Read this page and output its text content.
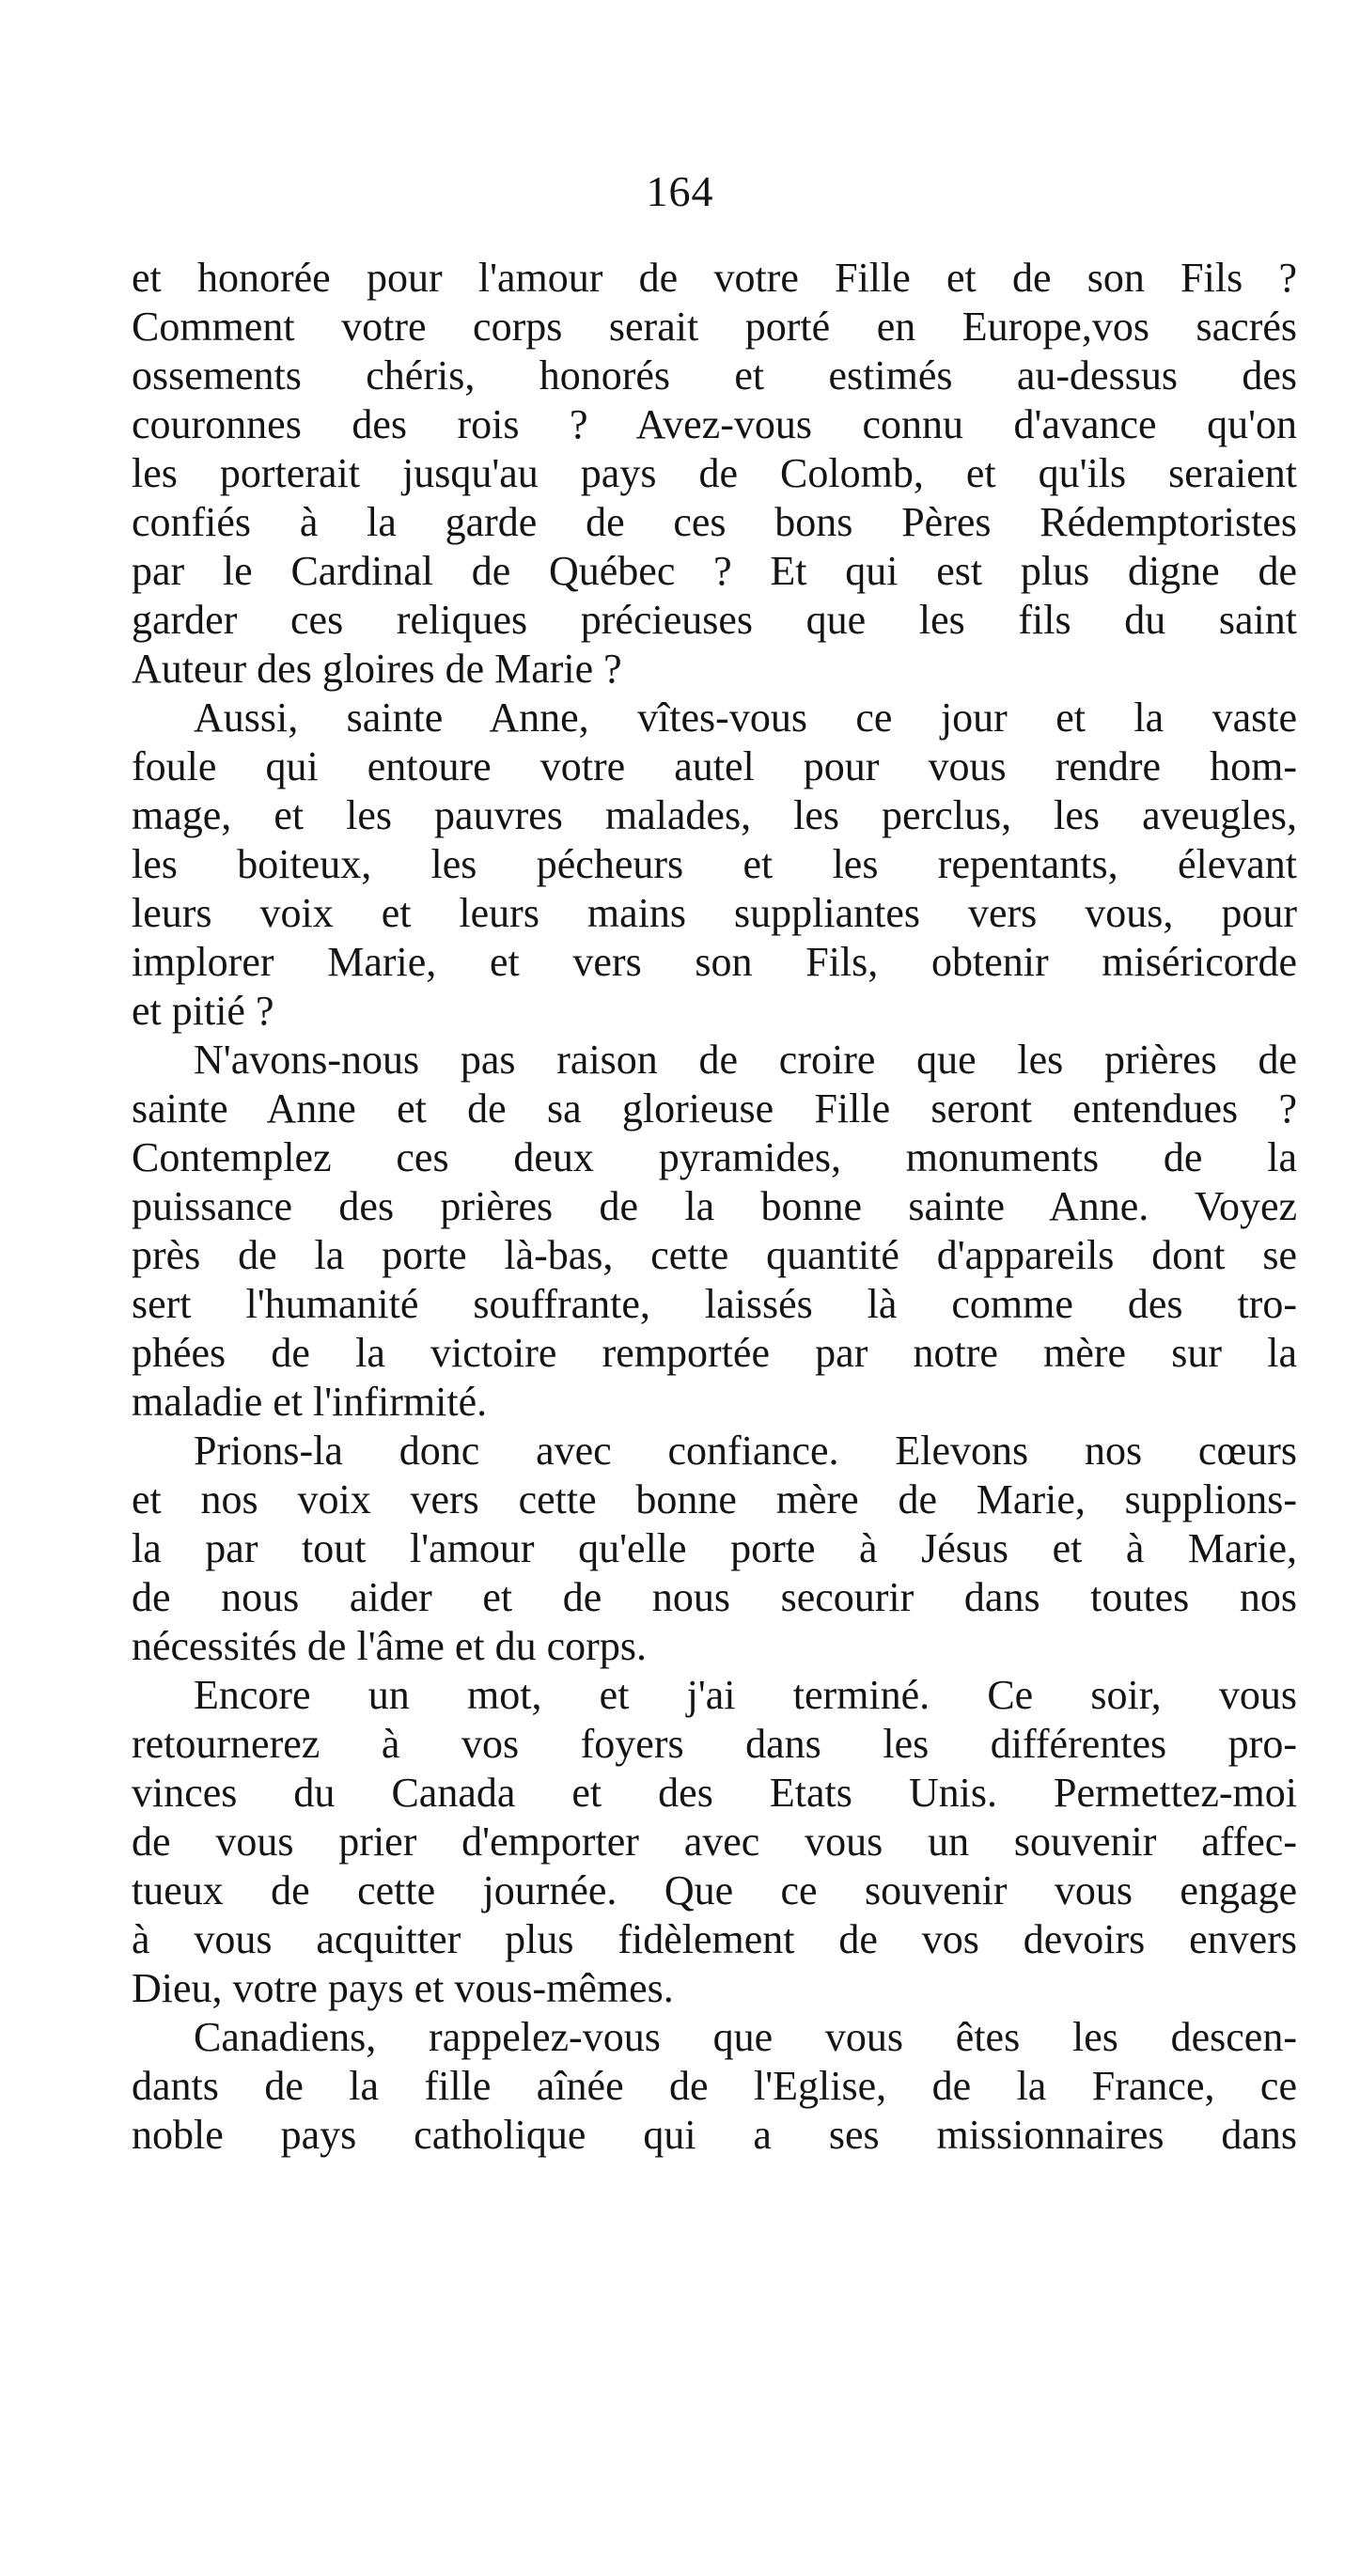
164
et honorée pour l'amour de votre Fille et de son Fils ?
Comment votre corps serait porté en Europe,vos sacrés
ossements chéris, honorés et estimés au-dessus des
couronnes des rois ? Avez-vous connu d'avance qu'on
les porterait jusqu'au pays de Colomb, et qu'ils seraient
confiés à la garde de ces bons Pères Rédemptoristes
par le Cardinal de Québec ? Et qui est plus digne de
garder ces reliques précieuses que les fils du saint
Auteur des gloires de Marie ?
Aussi, sainte Anne, vîtes-vous ce jour et la vaste
foule qui entoure votre autel pour vous rendre hom-
mage, et les pauvres malades, les perclus, les aveugles,
les boiteux, les pécheurs et les repentants, élevant
leurs voix et leurs mains suppliantes vers vous, pour
implorer Marie, et vers son Fils, obtenir miséricorde
et pitié ?
N'avons-nous pas raison de croire que les prières de
sainte Anne et de sa glorieuse Fille seront entendues ?
Contemplez ces deux pyramides, monuments de la
puissance des prières de la bonne sainte Anne. Voyez
près de la porte là-bas, cette quantité d'appareils dont se
sert l'humanité souffrante, laissés là comme des tro-
phées de la victoire remportée par notre mère sur la
maladie et l'infirmité.
Prions-la donc avec confiance. Elevons nos cœurs
et nos voix vers cette bonne mère de Marie, supplions-
la par tout l'amour qu'elle porte à Jésus et à Marie,
de nous aider et de nous secourir dans toutes nos
nécessités de l'âme et du corps.
Encore un mot, et j'ai terminé. Ce soir, vous
retournerez à vos foyers dans les différentes pro-
vinces du Canada et des Etats Unis. Permettez-moi
de vous prier d'emporter avec vous un souvenir affec-
tueux de cette journée. Que ce souvenir vous engage
à vous acquitter plus fidèlement de vos devoirs envers
Dieu, votre pays et vous-mêmes.
Canadiens, rappelez-vous que vous êtes les descen-
dants de la fille aînée de l'Eglise, de la France, ce
noble pays catholique qui a ses missionnaires dans
